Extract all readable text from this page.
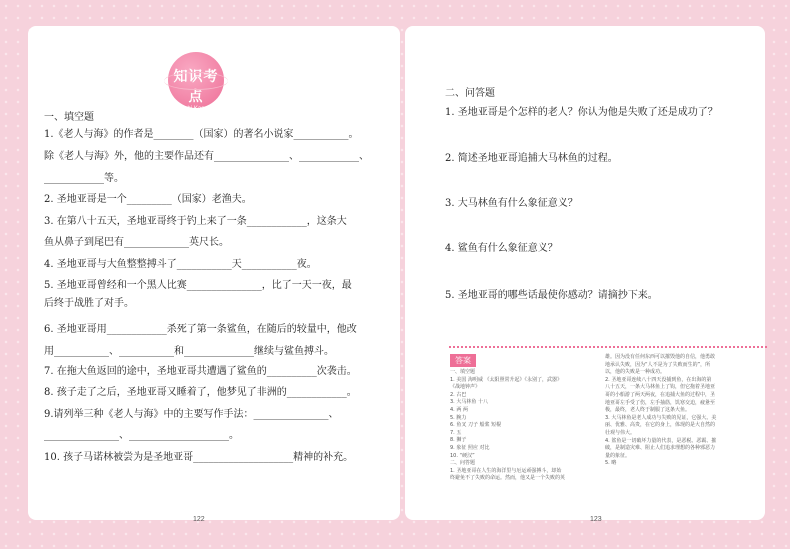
知识考点
Zhishi Kaodian
一、填空题
1.《老人与海》的作者是________（国家）的著名小说家___________。
除《老人与海》外，他的主要作品还有_______________、____________、
____________等。
2. 圣地亚哥是一个_________（国家）老渔夫。
3. 在第八十五天，圣地亚哥终于钓上来了一条____________，这条大
鱼从鼻子到尾巴有_____________英尺长。
4. 圣地亚哥与大鱼整整搏斗了___________天___________夜。
5. 圣地亚哥曾经和一个黑人比赛_______________，比了一天一夜，最
后终于战胜了对手。
6. 圣地亚哥用____________杀死了第一条鲨鱼，在随后的较量中，他改
用___________、___________和______________继续与鲨鱼搏斗。
7. 在拖大鱼返回的途中，圣地亚哥共遭遇了鲨鱼的__________次袭击。
8. 孩子走了之后，圣地亚哥又睡着了，他梦见了非洲的____________。
9.请列举三种《老人与海》中的主要写作手法：_______________、
_______________、____________________。
10. 孩子马诺林被尝为是圣地亚哥____________________精神的补充。
二、问答题
1. 圣地亚哥是个怎样的老人？你认为他是失败了还是成功了？
2. 简述圣地亚哥追捕大马林鱼的过程。
3. 大马林鱼有什么象征意义？
4. 鲨鱼有什么象征意义？
5. 圣地亚哥的哪些话最使你感动？请摘抄下来。
答案
一、填空题
1. 美国 海明威 《太阳照常升起》《永别了，武器》
《战地钟声》
2. 古巴
3. 大马林鱼 十八
4. 两 两
5. 腕力
6. 鱼叉 刀子 船桨 短棍
7. 五
8. 狮子
9. 象征 照应 对比
10. “硬汉”
二、问答题
1. 圣地亚哥在人生的海洋里与厄运顽强搏斗，却始
终避免不了失败的命运。然而，他又是一个失败的英
雄。因为没有任何东西可以摧毁他的自信，他勇敢
地承认失败，因为“人不是为了失败而生的”，所
以，他的失败是一种成功。
2. 圣地亚哥连续八十四天没捕到鱼，在出海的第
八十五天，一条大马林鱼上了钩，但它拖着圣地亚
哥的小船游了两天两夜，在追捕大鱼的过程中，圣
地亚哥左手受了伤，左手抽筋，饥寒交迫，疲惫至
极，最终，老人终于制服了这条大鱼。
3. 大马林鱼是老人成功与失败的见证，它强大、美
丽、优雅、高贵，在它的身上，体现的是大自然的
壮观与伟大。
4. 鲨鱼是一切破坏力量的代表，是恶税、恶霸、摧
破，是制造灾难、阻止人们追求理想的各种邪恶力
量的象征。
5. 略
122	123
